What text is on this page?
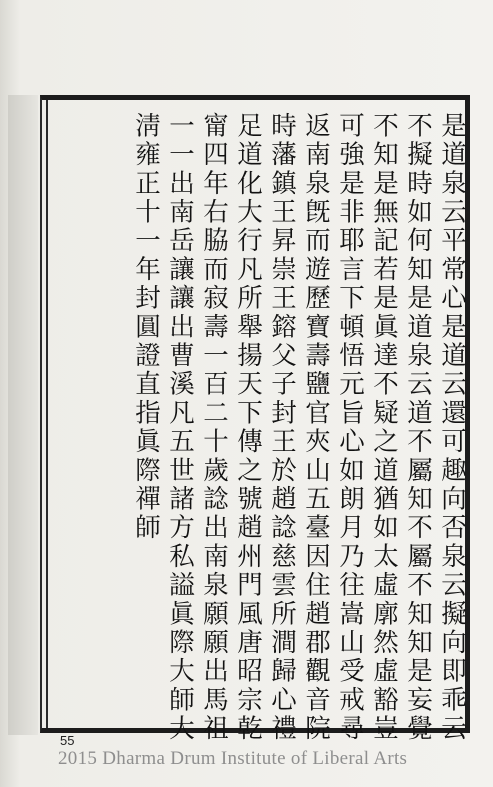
是道泉云平常心是道云還可趣向否泉云擬向即乖云
不擬時如何知是道泉云道不屬知不屬不知知是妄覺
不知是無記若是眞達不疑之道猶如太虛廓然虛豁豈
可強是非耶言下頓悟元旨心如朗月乃往嵩山受戒尋
返南泉旣而遊歷寶壽鹽官夾山五臺因住趙郡觀音院
時藩鎮王昇崇王鎔父子封王於趙諗慈雲所澗歸心禮
足道化大行凡所舉揚天下傳之號趙州門風唐昭宗乾
甯四年右脇而寂壽一百二十歲諗出南泉願願出馬祖
一一出南岳讓讓出曹溪凡五世諸方私謚眞際大師大
淸雍正十一年封圓證直指眞際禪師
55
2015 Dharma Drum Institute of Liberal Arts
